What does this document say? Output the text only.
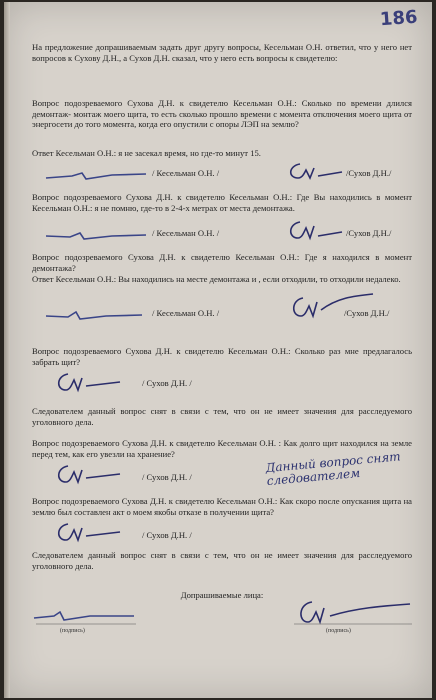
186
На предложение допрашиваемым задать друг другу вопросы, Кесельман О.Н. ответил, что у него нет вопросов к Сухову Д.Н., а Сухов Д.Н. сказал, что у него есть вопросы к свидетелю:
Вопрос подозреваемого Сухова Д.Н. к свидетелю Кесельман О.Н.: Сколько по времени длился демонтаж- монтаж моего щита, то есть сколько прошло времени с момента отключения моего щита от энергосети до того момента, когда его опустили с опоры ЛЭП на землю?
Ответ Кесельман О.Н.: я не засекал время, но где-то минут 15.
/ Кесельман О.Н. /	/Сухов Д.Н./
Вопрос подозреваемого Сухова Д.Н. к свидетелю Кесельман О.Н.: Где Вы находились в момент Кесельман О.Н.: я не помню, где-то в 2-4-х метрах от места демонтажа.
/ Кесельман О.Н. /	/Сухов Д.Н./
Вопрос подозреваемого Сухова Д.Н. к свидетелю Кесельман О.Н.: Где я находился в момент демонтажа?
Ответ Кесельман О.Н.: Вы находились на месте демонтажа и , если отходили, то отходили недалеко.
/ Кесельман О.Н. /	/Сухов Д.Н./
Вопрос подозреваемого Сухова Д.Н. к свидетелю Кесельман О.Н.: Сколько раз мне предлагалось забрать щит?
/ Сухов Д.Н. /
Следователем данный вопрос снят в связи с тем, что он не имеет значения для расследуемого уголовного дела.
Вопрос подозреваемого Сухова Д.Н. к свидетелю Кесельман О.Н. : Как долго щит находился на земле перед тем, как его увезли на хранение?
/ Сухов Д.Н. /
Данный вопрос снят следователем
Вопрос подозреваемого Сухова Д.Н. к свидетелю Кесельман О.Н.: Как скоро после опускания щита на землю был составлен акт о моем якобы отказе в получении щита?
/ Сухов Д.Н. /
Следователем данный вопрос снят в связи с тем, что он не имеет значения для расследуемого уголовного дела.
Допрашиваемые лица:
(подпись)	(подпись)
